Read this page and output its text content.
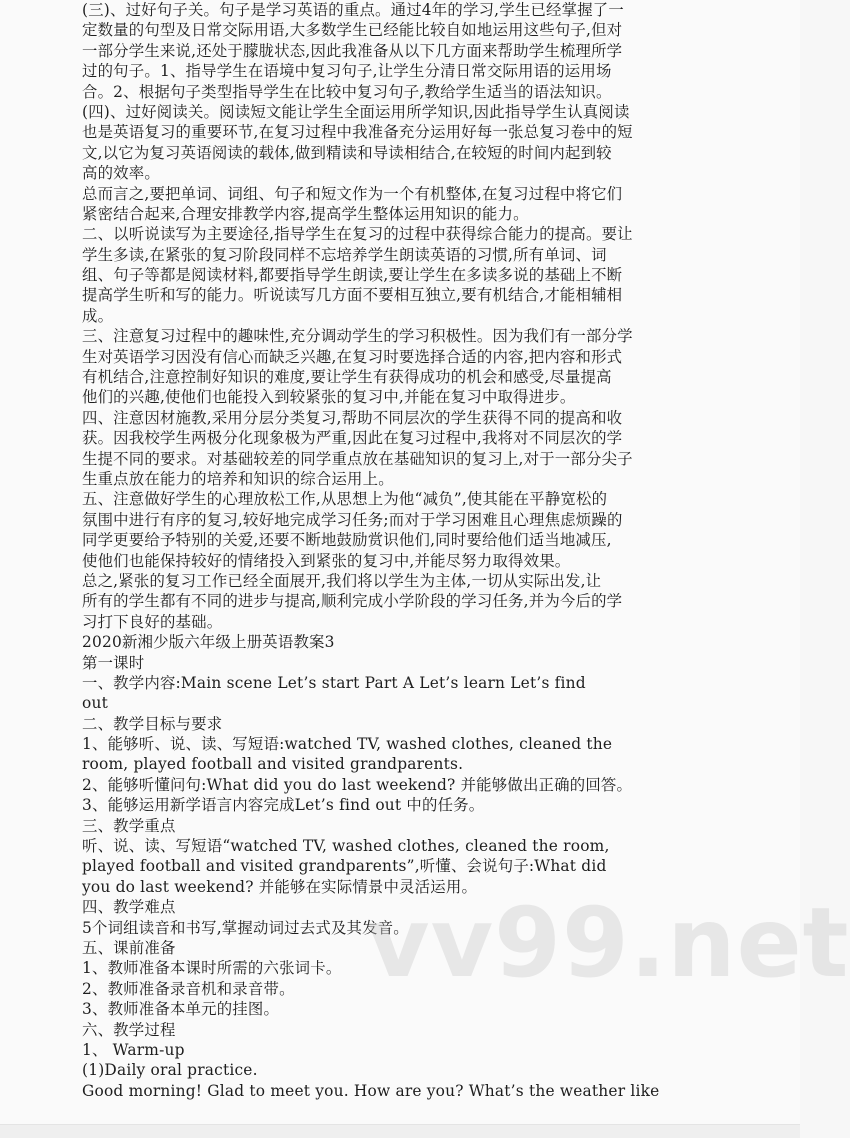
(三)、过好句子关。句子是学习英语的重点。通过4年的学习,学生已经掌握了一
定数量的句型及日常交际用语,大多数学生已经能比较自如地运用这些句子,但对
一部分学生来说,还处于朦胧状态,因此我准备从以下几方面来帮助学生梳理所学
过的句子。1、指导学生在语境中复习句子,让学生分清日常交际用语的运用场
合。2、根据句子类型指导学生在比较中复习句子,教给学生适当的语法知识。
(四)、过好阅读关。阅读短文能让学生全面运用所学知识,因此指导学生认真阅读
也是英语复习的重要环节,在复习过程中我准备充分运用好每一张总复习卷中的短
文,以它为复习英语阅读的载体,做到精读和导读相结合,在较短的时间内起到较
高的效率。
总而言之,要把单词、词组、句子和短文作为一个有机整体,在复习过程中将它们
紧密结合起来,合理安排教学内容,提高学生整体运用知识的能力。
二、以听说读写为主要途径,指导学生在复习的过程中获得综合能力的提高。要让
学生多读,在紧张的复习阶段同样不忘培养学生朗读英语的习惯,所有单词、词
组、句子等都是阅读材料,都要指导学生朗读,要让学生在多读多说的基础上不断
提高学生听和写的能力。听说读写几方面不要相互独立,要有机结合,才能相辅相
成。
三、注意复习过程中的趣味性,充分调动学生的学习积极性。因为我们有一部分学
生对英语学习因没有信心而缺乏兴趣,在复习时要选择合适的内容,把内容和形式
有机结合,注意控制好知识的难度,要让学生有获得成功的机会和感受,尽量提高
他们的兴趣,使他们也能投入到较紧张的复习中,并能在复习中取得进步。
四、注意因材施教,采用分层分类复习,帮助不同层次的学生获得不同的提高和收
获。因我校学生两极分化现象极为严重,因此在复习过程中,我将对不同层次的学
生提不同的要求。对基础较差的同学重点放在基础知识的复习上,对于一部分尖子
生重点放在能力的培养和知识的综合运用上。
五、注意做好学生的心理放松工作,从思想上为他“减负”,使其能在平静宽松的
氛围中进行有序的复习,较好地完成学习任务;而对于学习困难且心理焦虑烦躁的
同学更要给予特别的关爱,还要不断地鼓励赏识他们,同时要给他们适当地减压,
使他们也能保持较好的情绪投入到紧张的复习中,并能尽努力取得效果。
总之,紧张的复习工作已经全面展开,我们将以学生为主体,一切从实际出发,让
所有的学生都有不同的进步与提高,顺利完成小学阶段的学习任务,并为今后的学
习打下良好的基础。
2020新湘少版六年级上册英语教案3
第一课时
一、教学内容:Main scene Let’s start Part A Let’s learn Let’s find
out
二、教学目标与要求
1、能够听、说、读、写短语:watched TV, washed clothes, cleaned the
room, played football and visited grandparents.
2、能够听懂问句:What did you do last weekend? 并能够做出正确的回答。
3、能够运用新学语言内容完成Let’s find out 中的任务。
三、教学重点
听、说、读、写短语“watched TV, washed clothes, cleaned the room,
played football and visited grandparents”,听懂、会说句子:What did
you do last weekend? 并能够在实际情景中灵活运用。
四、教学难点
5个词组读音和书写,掌握动词过去式及其发音。
五、课前准备
1、教师准备本课时所需的六张词卡。
2、教师准备录音机和录音带。
3、教师准备本单元的挂图。
六、教学过程
1、 Warm-up
(1)Daily oral practice.
Good morning! Glad to meet you. How are you? What’s the weather like
vv99.net
